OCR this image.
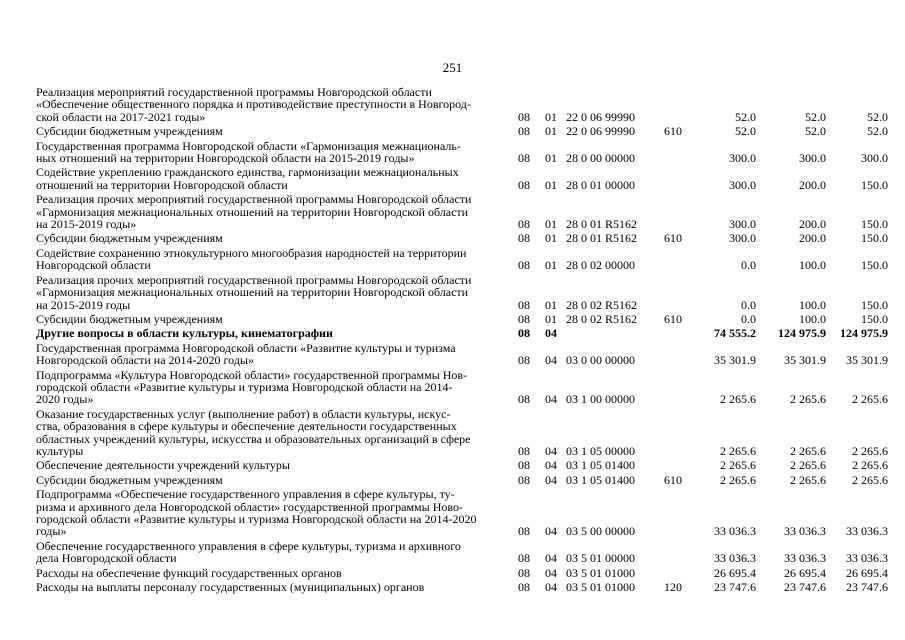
251
Реализация мероприятий государственной программы Новгородской области
«Обеспечение общественного порядка и противодействие преступности в Новгород-
ской области на 2017-2021 годы»	08	01	22 0 06 99990		52.0	52.0	52.0
Субсидии бюджетным учреждениям	08	01	22 0 06 99990	610	52.0	52.0	52.0
Государственная программа Новгородской области «Гармонизация межнациональ-
ных отношений на территории Новгородской области на 2015-2019 годы»	08	01	28 0 00 00000		300.0	300.0	300.0
Содействие укреплению гражданского единства, гармонизации межнациональных
отношений на территории Новгородской области	08	01	28 0 01 00000		300.0	200.0	150.0
Реализация прочих мероприятий государственной программы Новгородской области
«Гармонизация межнациональных отношений на территории Новгородской области
на 2015-2019 годы»	08	01	28 0 01 R5162		300.0	200.0	150.0
Субсидии бюджетным учреждениям	08	01	28 0 01 R5162	610	300.0	200.0	150.0
Содействие сохранению этнокультурного многообразия народностей на территории
Новгородской области	08	01	28 0 02 00000		0.0	100.0	150.0
Реализация прочих мероприятий государственной программы Новгородской области
«Гармонизация межнациональных отношений на территории Новгородской области
на 2015-2019 годы	08	01	28 0 02 R5162		0.0	100.0	150.0
Субсидии бюджетным учреждениям	08	01	28 0 02 R5162	610	0.0	100.0	150.0
Другие вопросы в области культуры, кинематографии	08	04			74 555.2	124 975.9	124 975.9
Государственная программа Новгородской области «Развитие культуры и туризма
Новгородской области на 2014-2020 годы»	08	04	03 0 00 00000		35 301.9	35 301.9	35 301.9
Подпрограмма «Культура Новгородской области» государственной программы Нов-
городской области «Развитие культуры и туризма Новгородской области на 2014-
2020 годы»	08	04	03 1 00 00000		2 265.6	2 265.6	2 265.6
Оказание государственных услуг (выполнение работ) в области культуры, искус-
ства, образования в сфере культуры и обеспечение деятельности государственных
областных учреждений культуры, искусства и образовательных организаций в сфере
культуры	08	04	03 1 05 00000		2 265.6	2 265.6	2 265.6
Обеспечение деятельности учреждений культуры	08	04	03 1 05 01400		2 265.6	2 265.6	2 265.6
Субсидии бюджетным учреждениям	08	04	03 1 05 01400	610	2 265.6	2 265.6	2 265.6
Подпрограмма «Обеспечение государственного управления в сфере культуры, ту-
ризма и архивного дела Новгородской области» государственной программы Ново-
городской области «Развитие культуры и туризма Новгородской области на 2014-2020
годы»	08	04	03 5 00 00000		33 036.3	33 036.3	33 036.3
Обеспечение государственного управления в сфере культуры, туризма и архивного
дела Новгородской области	08	04	03 5 01 00000		33 036.3	33 036.3	33 036.3
Расходы на обеспечение функций государственных органов	08	04	03 5 01 01000		26 695.4	26 695.4	26 695.4
Расходы на выплаты персоналу государственных (муниципальных) органов	08	04	03 5 01 01000	120	23 747.6	23 747.6	23 747.6
